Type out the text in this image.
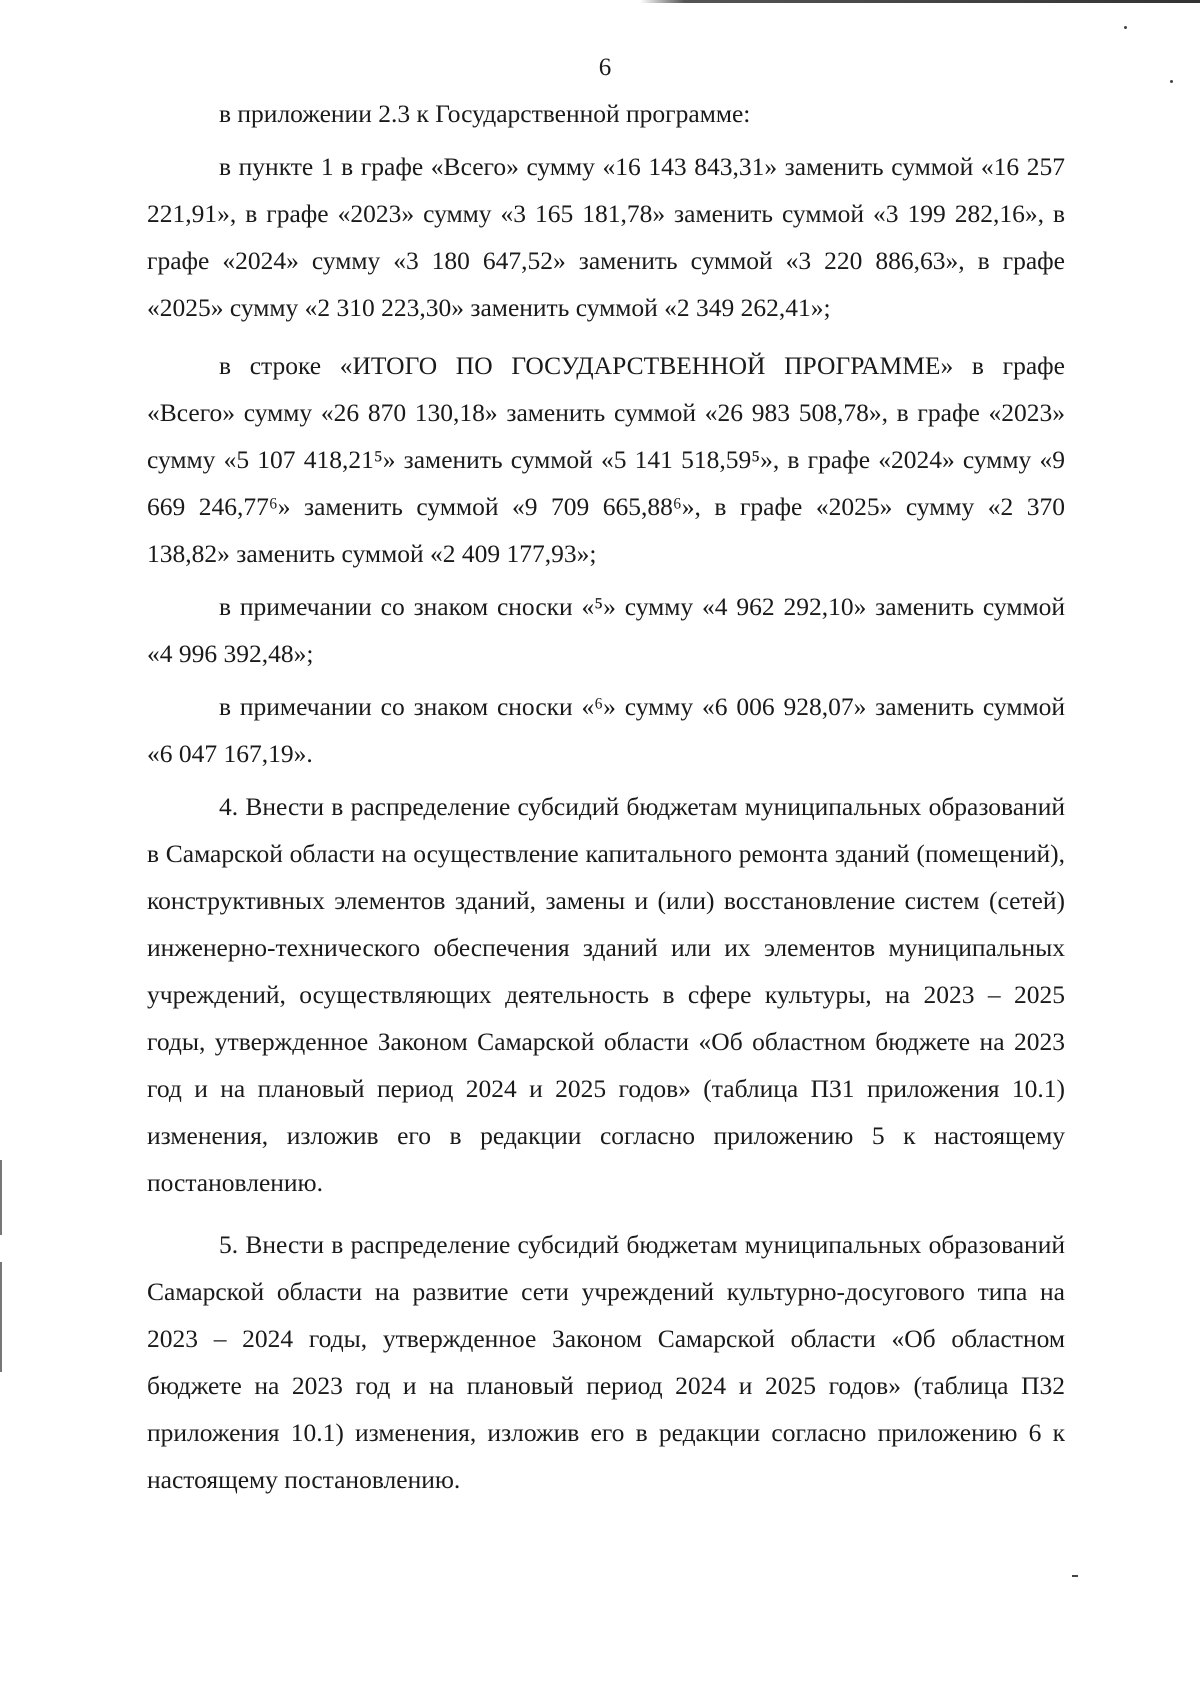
6

в приложении 2.3 к Государственной программе:

в пункте 1 в графе «Всего» сумму «16 143 843,31» заменить суммой «16 257 221,91», в графе «2023» сумму «3 165 181,78» заменить суммой «3 199 282,16», в графе «2024» сумму «3 180 647,52» заменить суммой «3 220 886,63», в графе «2025» сумму «2 310 223,30» заменить суммой «2 349 262,41»;

в строке «ИТОГО ПО ГОСУДАРСТВЕННОЙ ПРОГРАММЕ» в графе «Всего» сумму «26 870 130,18» заменить суммой «26 983 508,78», в графе «2023» сумму «5 107 418,21⁵» заменить суммой «5 141 518,59⁵», в графе «2024» сумму «9 669 246,77⁶» заменить суммой «9 709 665,88⁶», в графе «2025» сумму «2 370 138,82» заменить суммой «2 409 177,93»;

в примечании со знаком сноски «⁵» сумму «4 962 292,10» заменить суммой «4 996 392,48»;

в примечании со знаком сноски «⁶» сумму «6 006 928,07» заменить суммой «6 047 167,19».

4. Внести в распределение субсидий бюджетам муниципальных образований в Самарской области на осуществление капитального ремонта зданий (помещений), конструктивных элементов зданий, замены и (или) восстановление систем (сетей) инженерно-технического обеспечения зданий или их элементов муниципальных учреждений, осуществляющих деятельность в сфере культуры, на 2023 – 2025 годы, утвержденное Законом Самарской области «Об областном бюджете на 2023 год и на плановый период 2024 и 2025 годов» (таблица П31 приложения 10.1) изменения, изложив его в редакции согласно приложению 5 к настоящему постановлению.

5. Внести в распределение субсидий бюджетам муниципальных образований Самарской области на развитие сети учреждений культурно-досугового типа на 2023 – 2024 годы, утвержденное Законом Самарской области «Об областном бюджете на 2023 год и на плановый период 2024 и 2025 годов» (таблица П32 приложения 10.1) изменения, изложив его в редакции согласно приложению 6 к настоящему постановлению.
